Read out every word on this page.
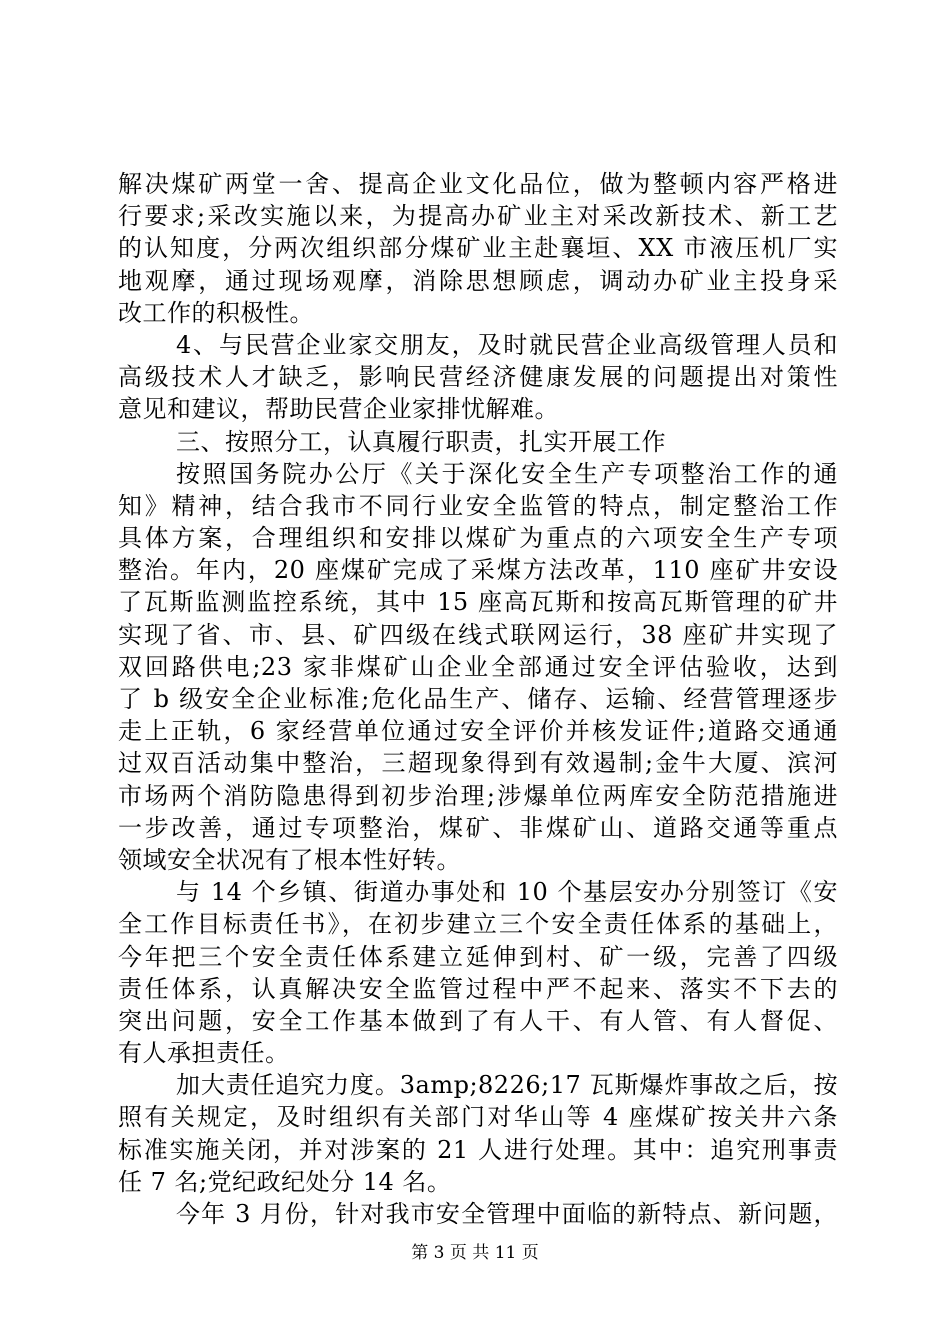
解决煤矿两堂一舍、提高企业文化品位，做为整顿内容严格进
行要求;采改实施以来，为提高办矿业主对采改新技术、新工艺
的认知度，分两次组织部分煤矿业主赴襄垣、XX 市液压机厂实
地观摩，通过现场观摩，消除思想顾虑，调动办矿业主投身采
改工作的积极性。
4、与民营企业家交朋友，及时就民营企业高级管理人员和
高级技术人才缺乏，影响民营经济健康发展的问题提出对策性
意见和建议，帮助民营企业家排忧解难。
三、按照分工，认真履行职责，扎实开展工作
按照国务院办公厅《关于深化安全生产专项整治工作的通
知》精神，结合我市不同行业安全监管的特点，制定整治工作
具体方案，合理组织和安排以煤矿为重点的六项安全生产专项
整治。年内，20 座煤矿完成了采煤方法改革，110 座矿井安设
了瓦斯监测监控系统，其中 15 座高瓦斯和按高瓦斯管理的矿井
实现了省、市、县、矿四级在线式联网运行，38 座矿井实现了
双回路供电;23 家非煤矿山企业全部通过安全评估验收，达到
了 b 级安全企业标准;危化品生产、储存、运输、经营管理逐步
走上正轨，6 家经营单位通过安全评价并核发证件;道路交通通
过双百活动集中整治，三超现象得到有效遏制;金牛大厦、滨河
市场两个消防隐患得到初步治理;涉爆单位两库安全防范措施进
一步改善，通过专项整治，煤矿、非煤矿山、道路交通等重点
领域安全状况有了根本性好转。
与 14 个乡镇、街道办事处和 10 个基层安办分别签订《安
全工作目标责任书》，在初步建立三个安全责任体系的基础上，
今年把三个安全责任体系建立延伸到村、矿一级，完善了四级
责任体系，认真解决安全监管过程中严不起来、落实不下去的
突出问题，安全工作基本做到了有人干、有人管、有人督促、
有人承担责任。
加大责任追究力度。3amp;8226;17 瓦斯爆炸事故之后，按
照有关规定，及时组织有关部门对华山等 4 座煤矿按关井六条
标准实施关闭，并对涉案的 21 人进行处理。其中：追究刑事责
任 7 名;党纪政纪处分 14 名。
今年 3 月份，针对我市安全管理中面临的新特点、新问题，
第 3 页 共 11 页
